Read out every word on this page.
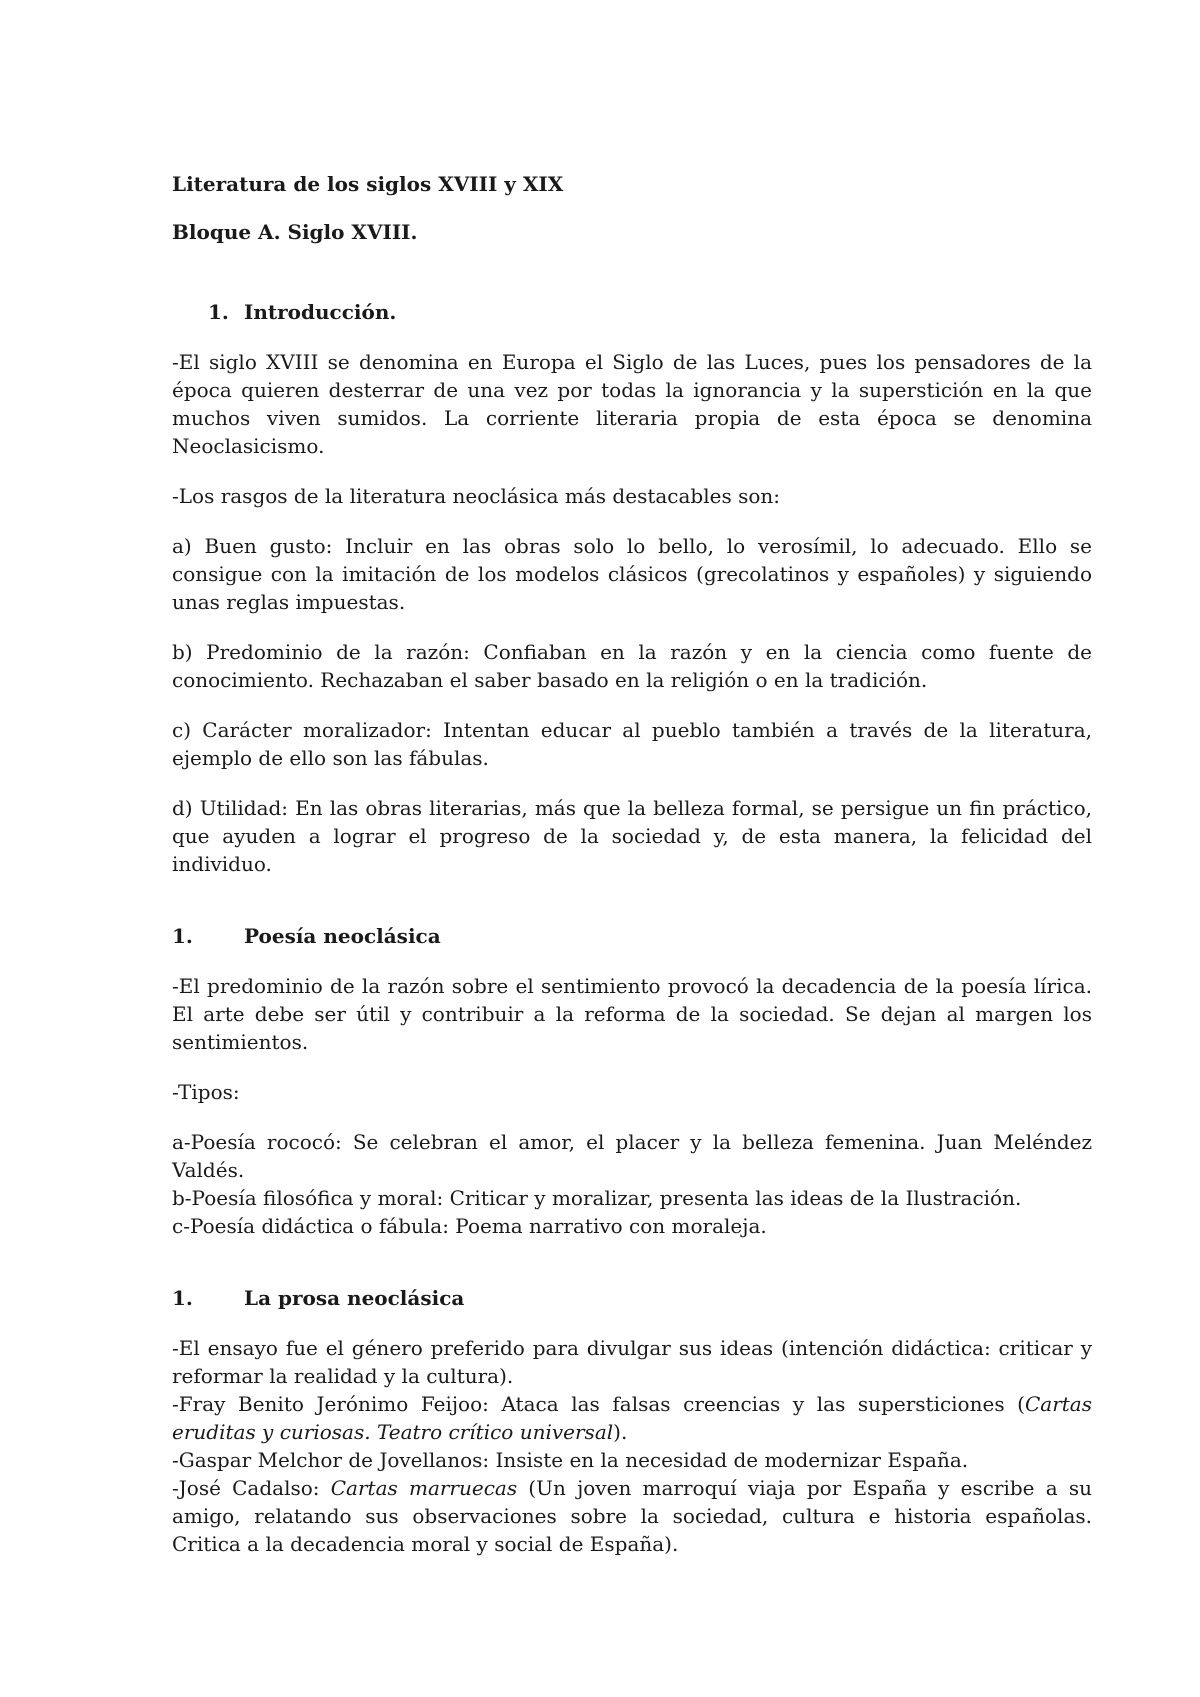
Literatura de los siglos XVIII y XIX
Bloque A. Siglo XVIII.
1. Introducción.

-El siglo XVIII se denomina en Europa el Siglo de las Luces, pues los pensadores de la época quieren desterrar de una vez por todas la ignorancia y la superstición en la que muchos viven sumidos. La corriente literaria propia de esta época se denomina Neoclasicismo.

-Los rasgos de la literatura neoclásica más destacables son:

a) Buen gusto: Incluir en las obras solo lo bello, lo verosímil, lo adecuado. Ello se consigue con la imitación de los modelos clásicos (grecolatinos y españoles) y siguiendo unas reglas impuestas.

b) Predominio de la razón: Confiaban en la razón y en la ciencia como fuente de conocimiento. Rechazaban el saber basado en la religión o en la tradición.

c) Carácter moralizador: Intentan educar al pueblo también a través de la literatura, ejemplo de ello son las fábulas.

d) Utilidad: En las obras literarias, más que la belleza formal, se persigue un fin práctico, que ayuden a lograr el progreso de la sociedad y, de esta manera, la felicidad del individuo.

1.	Poesía neoclásica

-El predominio de la razón sobre el sentimiento provocó la decadencia de la poesía lírica. El arte debe ser útil y contribuir a la reforma de la sociedad. Se dejan al margen los sentimientos.

-Tipos:

a-Poesía rococó: Se celebran el amor, el placer y la belleza femenina. Juan Meléndez Valdés.

b-Poesía filosófica y moral: Criticar y moralizar, presenta las ideas de la Ilustración.

c-Poesía didáctica o fábula: Poema narrativo con moraleja.

1.	La prosa neoclásica

-El ensayo fue el género preferido para divulgar sus ideas (intención didáctica: criticar y reformar la realidad y la cultura).

-Fray Benito Jerónimo Feijoo: Ataca las falsas creencias y las supersticiones (Cartas eruditas y curiosas. Teatro crítico universal).

-Gaspar Melchor de Jovellanos: Insiste en la necesidad de modernizar España.

-José Cadalso: Cartas marruecas (Un joven marroquí viaja por España y escribe a su amigo, relatando sus observaciones sobre la sociedad, cultura e historia españolas. Critica a la decadencia moral y social de España).
